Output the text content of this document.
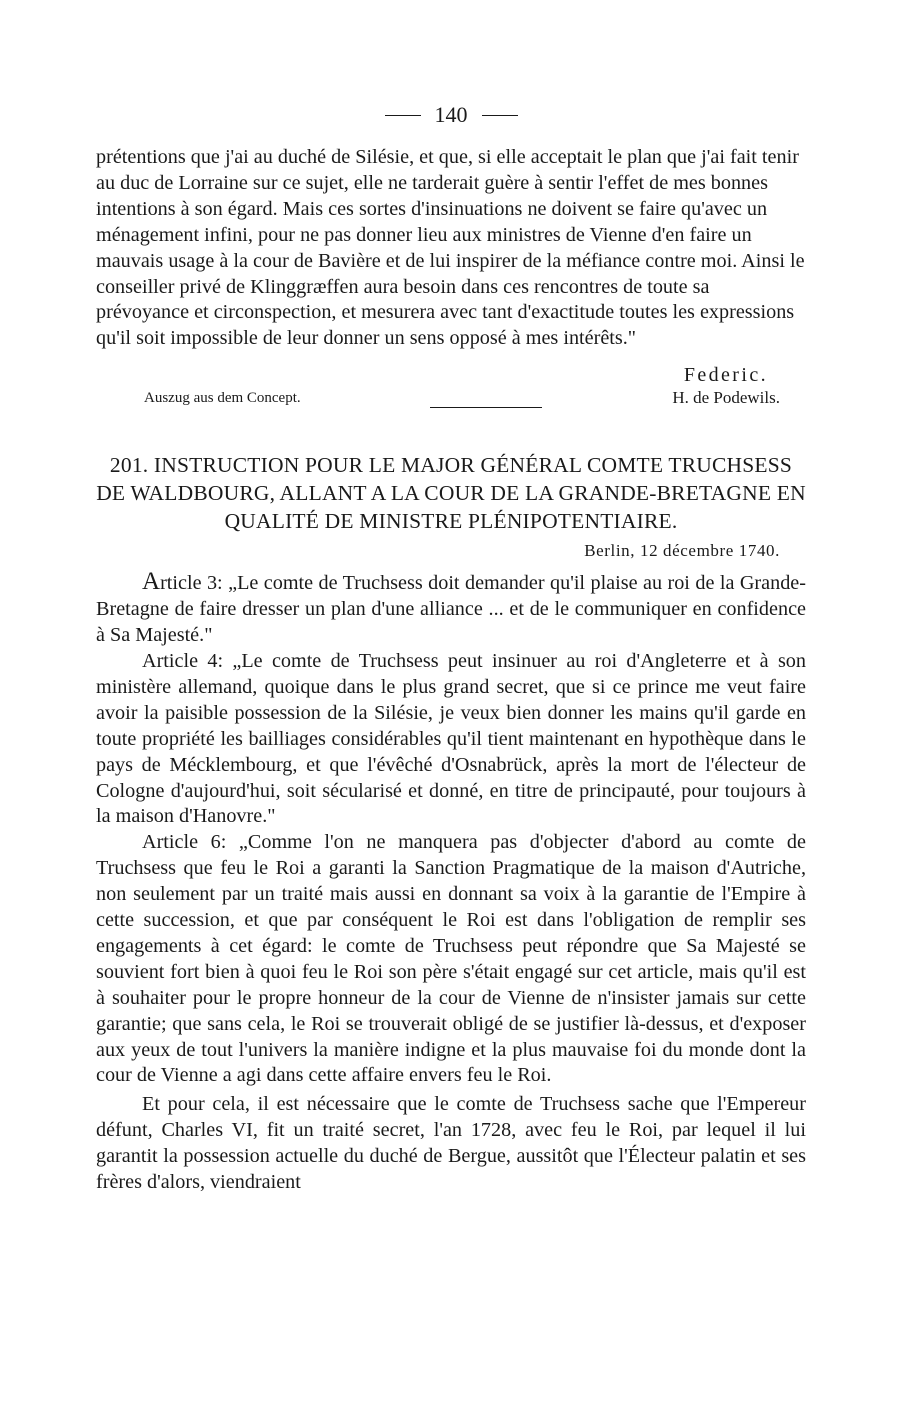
140

prétentions que j'ai au duché de Silésie, et que, si elle acceptait le plan que j'ai fait tenir au duc de Lorraine sur ce sujet, elle ne tarderait guère à sentir l'effet de mes bonnes intentions à son égard. Mais ces sortes d'insinuations ne doivent se faire qu'avec un ménagement infini, pour ne pas donner lieu aux ministres de Vienne d'en faire un mauvais usage à la cour de Bavière et de lui inspirer de la méfiance contre moi. Ainsi le conseiller privé de Klinggræffen aura besoin dans ces rencontres de toute sa prévoyance et circonspection, et mesurera avec tant d'exactitude toutes les expressions qu'il soit impossible de leur donner un sens opposé à mes intérêts."

Federic.
Auszug aus dem Concept.	H. de Podewils.
201. INSTRUCTION POUR LE MAJOR GÉNÉRAL COMTE TRUCHSESS DE WALDBOURG, ALLANT A LA COUR DE LA GRANDE-BRETAGNE EN QUALITÉ DE MINISTRE PLÉNIPOTENTIAIRE.
Berlin, 12 décembre 1740.

Article 3: „Le comte de Truchsess doit demander qu'il plaise au roi de la Grande-Bretagne de faire dresser un plan d'une alliance ... et de le communiquer en confidence à Sa Majesté."

Article 4: „Le comte de Truchsess peut insinuer au roi d'Angleterre et à son ministère allemand, quoique dans le plus grand secret, que si ce prince me veut faire avoir la paisible possession de la Silésie, je veux bien donner les mains qu'il garde en toute propriété les bailliages considérables qu'il tient maintenant en hypothèque dans le pays de Mécklembourg, et que l'évêché d'Osnabrück, après la mort de l'électeur de Cologne d'aujourd'hui, soit sécularisé et donné, en titre de principauté, pour toujours à la maison d'Hanovre."

Article 6: „Comme l'on ne manquera pas d'objecter d'abord au comte de Truchsess que feu le Roi a garanti la Sanction Pragmatique de la maison d'Autriche, non seulement par un traité mais aussi en donnant sa voix à la garantie de l'Empire à cette succession, et que par conséquent le Roi est dans l'obligation de remplir ses engagements à cet égard: le comte de Truchsess peut répondre que Sa Majesté se souvient fort bien à quoi feu le Roi son père s'était engagé sur cet article, mais qu'il est à souhaiter pour le propre honneur de la cour de Vienne de n'insister jamais sur cette garantie; que sans cela, le Roi se trouverait obligé de se justifier là-dessus, et d'exposer aux yeux de tout l'univers la manière indigne et la plus mauvaise foi du monde dont la cour de Vienne a agi dans cette affaire envers feu le Roi.

Et pour cela, il est nécessaire que le comte de Truchsess sache que l'Empereur défunt, Charles VI, fit un traité secret, l'an 1728, avec feu le Roi, par lequel il lui garantit la possession actuelle du duché de Bergue, aussitôt que l'Électeur palatin et ses frères d'alors, viendraient
